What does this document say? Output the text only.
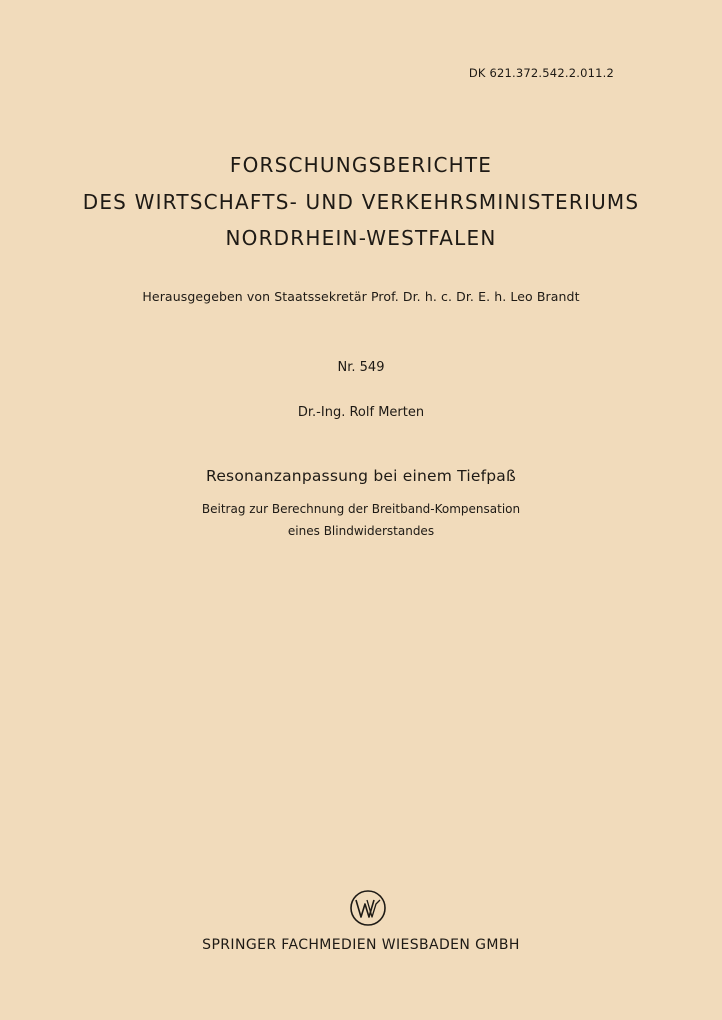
DK 621.372.542.2.011.2
FORSCHUNGSBERICHTE
DES WIRTSCHAFTS- UND VERKEHRSMINISTERIUMS
NORDRHEIN-WESTFALEN
Herausgegeben von Staatssekretär Prof. Dr. h. c. Dr. E. h. Leo Brandt
Nr. 549
Dr.-Ing. Rolf Merten
Resonanzanpassung bei einem Tiefpaß
Beitrag zur Berechnung der Breitband-Kompensation
eines Blindwiderstandes
SPRINGER FACHMEDIEN WIESBADEN GMBH
